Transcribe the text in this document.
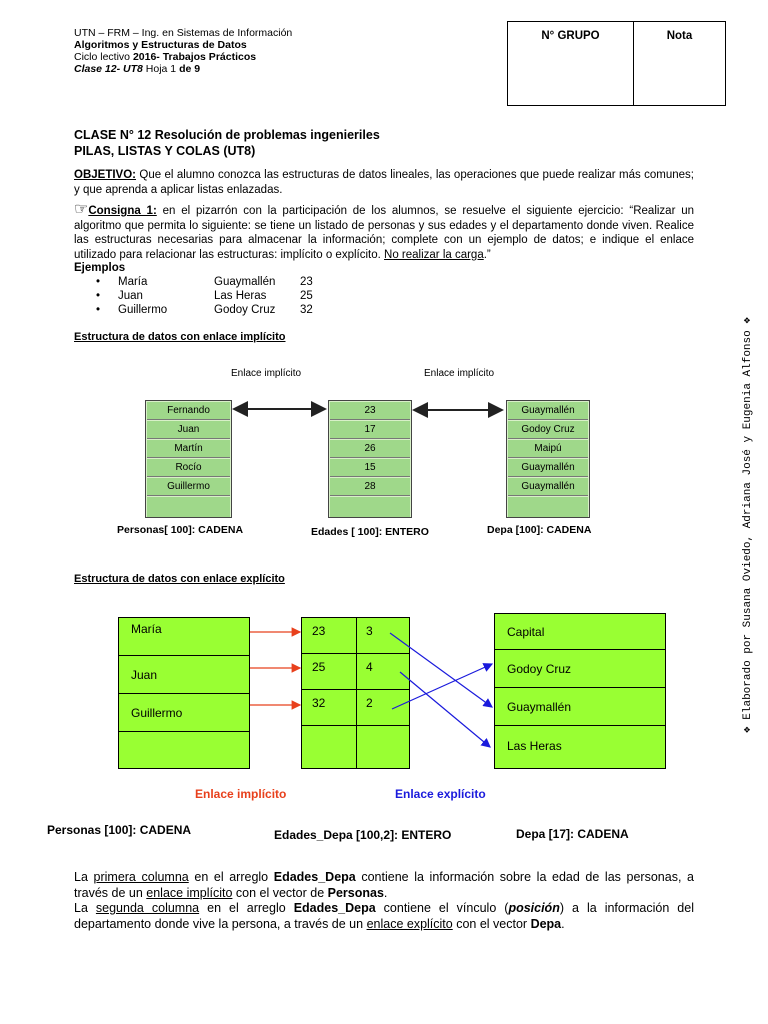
UTN – FRM – Ing. en Sistemas de Información
Algoritmos y Estructuras de Datos
Ciclo lectivo 2016- Trabajos Prácticos
Clase 12- UT8 Hoja 1 de 9
N° GRUPO	Nota
CLASE N° 12 Resolución de problemas ingenieriles
PILAS, LISTAS Y COLAS (UT8)
OBJETIVO: Que el alumno conozca las estructuras de datos lineales, las operaciones que puede realizar más comunes; y que aprenda a aplicar listas enlazadas.
☞Consigna 1: en el pizarrón con la participación de los alumnos, se resuelve el siguiente ejercicio: “Realizar un algoritmo que permita lo siguiente: se tiene un listado de personas y sus edades y el departamento donde viven. Realice las estructuras necesarias para almacenar la información; complete con un ejemplo de datos; e indique el enlace utilizado para relacionar las estructuras: implícito o explícito. No realizar la carga.”
Ejemplos
• María	Guaymallén 23
• Juan	Las Heras	25
• Guillermo	Godoy Cruz 32
Estructura de datos con enlace implícito
Enlace implícito	Enlace implícito
Fernando
Juan
Martín
Rocío
Guillermo
23
17
26
15
28
Guaymallén
Godoy Cruz
Maipú
Guaymallén
Guaymallén
Personas[ 100]: CADENA	Edades [ 100]: ENTERO	Depa [100]: CADENA
Estructura de datos con enlace explícito
María
Juan
Guillermo
23	3
25	4
32	2
Capital
Godoy Cruz
Guaymallén
Las Heras
Enlace implícito	Enlace explícito
Personas [100]: CADENA	Edades_Depa [100,2]: ENTERO	Depa [17]: CADENA
La primera columna en el arreglo Edades_Depa contiene la información sobre la edad de las personas, a través de un enlace implícito con el vector de Personas.
La segunda columna en el arreglo Edades_Depa contiene el vínculo (posición) a la información del departamento donde vive la persona, a través de un enlace explícito con el vector Depa.
❖ Elaborado por Susana Oviedo, Adriana José y Eugenia Alfonso ❖
